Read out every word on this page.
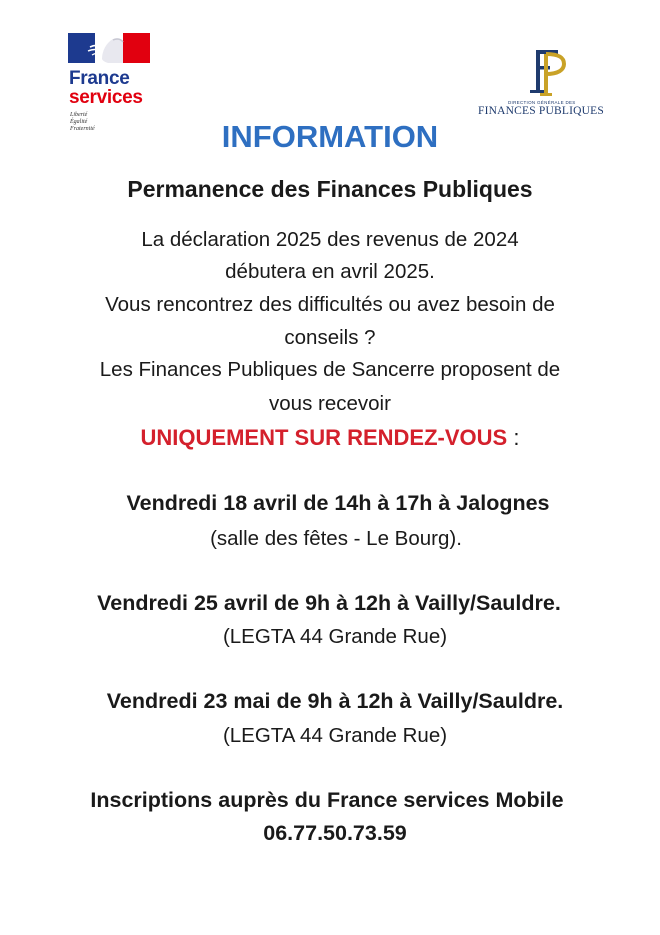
France
services
Liberté
Égalité
Fraternité
DIRECTION GÉNÉRALE DES
FINANCES PUBLIQUES
INFORMATION
Permanence des Finances Publiques
La déclaration 2025 des revenus de 2024
débutera en avril 2025.
Vous rencontrez des difficultés ou avez besoin de
conseils ?
Les Finances Publiques de Sancerre proposent de
vous recevoir
UNIQUEMENT SUR RENDEZ-VOUS :
Vendredi 18 avril de 14h à 17h à Jalognes
(salle des fêtes - Le Bourg).
Vendredi 25 avril de 9h à 12h à Vailly/Sauldre.
(LEGTA 44 Grande Rue)
Vendredi 23 mai de 9h à 12h à Vailly/Sauldre.
(LEGTA 44 Grande Rue)
Inscriptions auprès du France services Mobile
06.77.50.73.59
